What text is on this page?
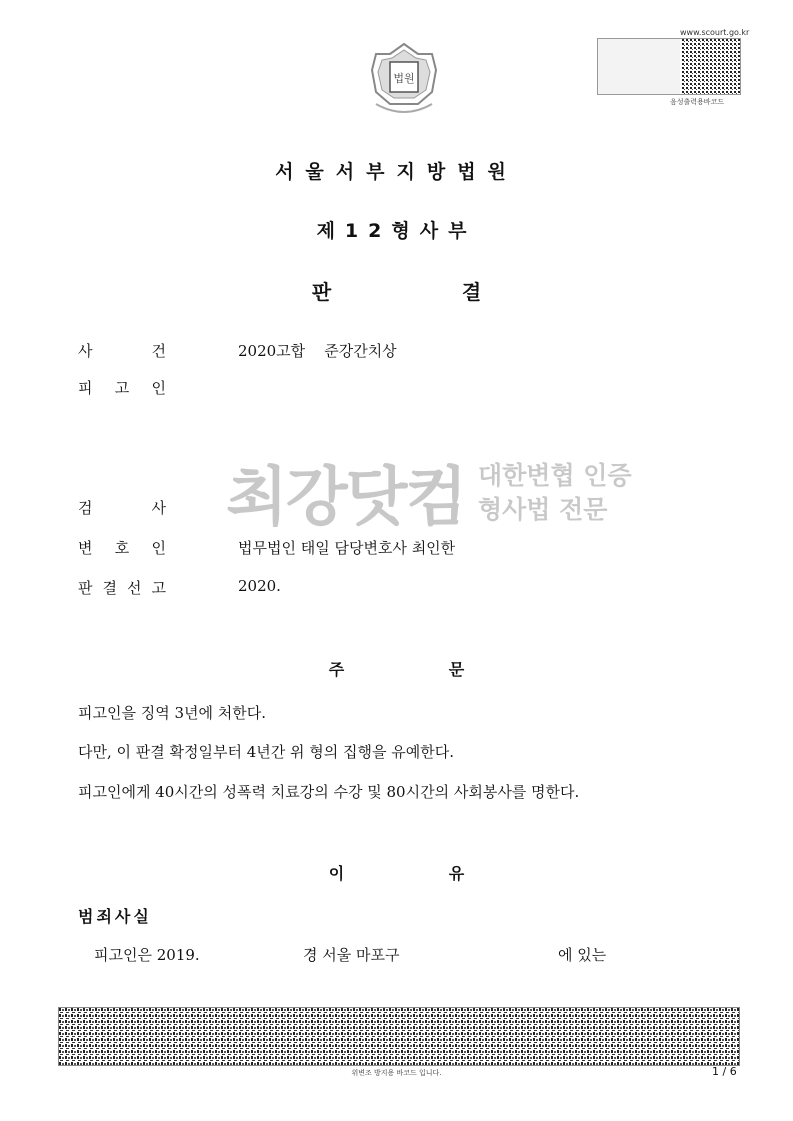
법원
www.scourt.go.kr
음성출력용바코드
서울서부지방법원
제12형사부
판	결
사	건	2020고합    준강간치상
피 고 인
검	사
변 호 인	법무법인 태일 담당변호사 최인한
판 결 선 고	2020.
최강닷컴 대한변협 인증
형사법 전문
주	문
피고인을 징역 3년에 처한다.
다만, 이 판결 확정일부터 4년간 위 형의 집행을 유예한다.
피고인에게 40시간의 성폭력 치료강의 수강 및 80시간의 사회봉사를 명한다.
이	유
범죄사실
피고인은 2019.	경 서울 마포구	에 있는
위변조 방지용 바코드 입니다.	1 / 6
